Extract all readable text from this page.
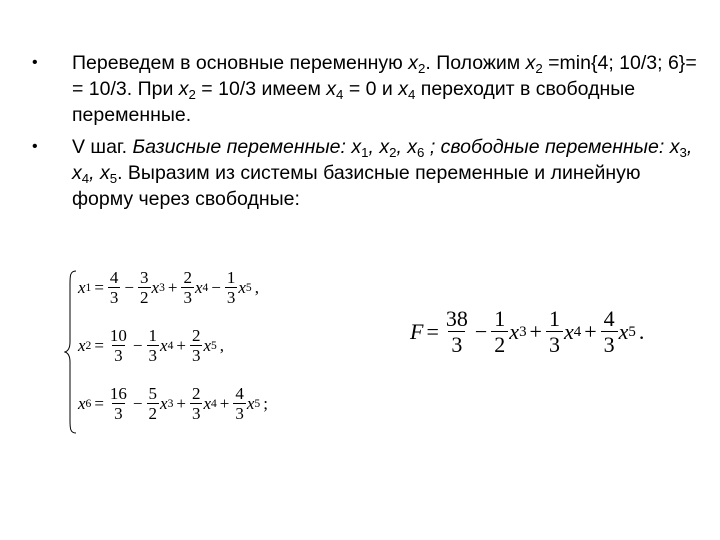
•	Переведем в основные переменную $x_2$. Положим $x_2 =\min\{4$; 10/3; 6}= = 10/3. При $x_2 = 10/3$ имеем $x_4 = 0$ и $x_4$ переходит в свободные переменные.
•	V шаг. Базисные переменные: $x_1$, $x_2$, $x_6$ ; свободные переменные: $x_3$, $x_4$, $x_5$. Выразим из системы базисные переменные и линейную форму через свободные:
x $1 = \frac{4}{3} - \frac{3}{2}$ x $3 + \frac{2}{3}$ x $4 - \frac{1}{3}$ x 5 ,
x $2 = \frac{10}{3} - \frac{1}{3}$ x $4 + \frac{2}{3}$ x 5 ,
x $6 = \frac{16}{3} - \frac{5}{2}$ x $3 + \frac{2}{3}$ x $4 + \frac{4}{3}$ x 5 ;
$F = \frac{38}{3} - \frac{1}{2}$ x $3 + \frac{1}{3}$ x $4 + \frac{4}{3}$ x 5 .
